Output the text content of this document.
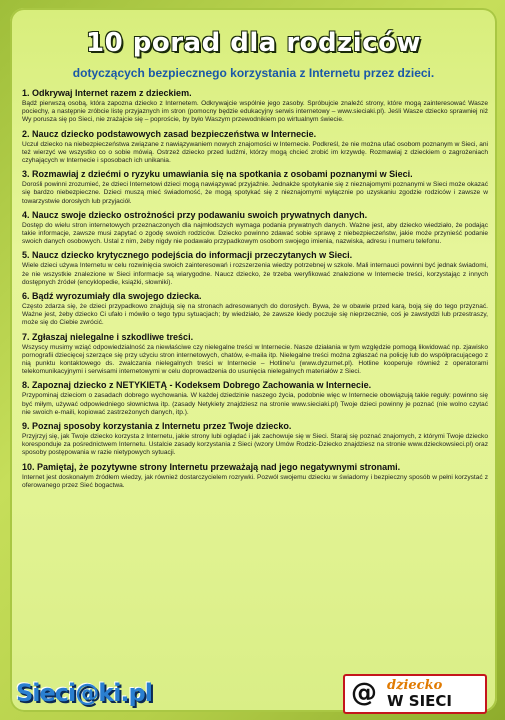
10 porad dla rodziców
dotyczących bezpiecznego korzystania z Internetu przez dzieci.

1. Odkrywaj Internet razem z dzieckiem.

Bądź pierwszą osobą, która zapozna dziecko z Internetem. Odkrywajcie wspólnie jego zasoby. Spróbujcie znaleźć strony, które mogą zainteresować Wasze pociechy, a następnie zróbcie listę przyjaznych im stron (pomocny będzie edukacyjny serwis internetowy – www.sieciaki.pl). Jeśli Wasze dziecko sprawniej niż Wy porusza się po Sieci, nie zrażajcie się – poproście, by było Waszym przewodnikiem po wirtualnym świecie.

2. Naucz dziecko podstawowych zasad bezpieczeństwa w Internecie.

Uczul dziecko na niebezpieczeństwa związane z nawiązywaniem nowych znajomości w Internecie. Podkreśl, że nie można ufać osobom poznanym w Sieci, ani też wierzyć we wszystko co o sobie mówią. Ostrzeż dziecko przed ludźmi, którzy mogą chcieć zrobić im krzywdę. Rozmawiaj z dzieckiem o zagrożeniach czyhających w Internecie i sposobach ich unikania.

3. Rozmawiaj z dziećmi o ryzyku umawiania się na spotkania z osobami poznanymi w Sieci.

Dorośli powinni zrozumieć, że dzieci Internetowi dzieci mogą nawiązywać przyjaźnie. Jednakże spotykanie się z nieznajomymi poznanymi w Sieci może okazać się bardzo niebezpieczne. Dzieci muszą mieć świadomość, że mogą spotykać się z nieznajomymi wyłącznie po uzyskaniu zgodzie rodziców i zawsze w towarzystwie dorosłych lub przyjaciół.

4. Naucz swoje dziecko ostrożności przy podawaniu swoich prywatnych danych.

Dostęp do wielu stron internetowych przeznaczonych dla najmłodszych wymaga podania prywatnych danych. Ważne jest, aby dziecko wiedziało, że podając takie informacje, zawsze musi zapytać o zgodę swoich rodziców. Dziecko powinno zdawać sobie sprawę z niebezpieczeństw, jakie może przynieść podanie swoich danych osobowych. Ustal z nim, żeby nigdy nie podawało przypadkowym osobom swojego imienia, nazwiska, adresu i numeru telefonu.

5. Naucz dziecko krytycznego podejścia do informacji przeczytanych w Sieci.

Wiele dzieci używa Internetu w celu rozwinięcia swoich zainteresowań i rozszerzenia wiedzy potrzebnej w szkole. Mali internauci powinni być jednak świadomi, że nie wszystkie znalezione w Sieci informacje są wiarygodne. Naucz dziecko, że trzeba weryfikować znalezione w Internecie treści, korzystając z innych dostępnych źródeł (encyklopedie, książki, słowniki).

6. Bądź wyrozumiały dla swojego dziecka.

Często zdarza się, że dzieci przypadkowo znajdują się na stronach adresowanych do dorosłych. Bywa, że w obawie przed karą, boją się do tego przyznać. Ważne jest, żeby dziecko Ci ufało i mówiło o tego typu sytuacjach; by wiedziało, że zawsze kiedy poczuje się nieprzecznie, coś je zawstydzi lub przestraszy, może się do Ciebie zwrócić.

7. Zgłaszaj nielegalne i szkodliwe treści.

Wszyscy musimy wziąć odpowiedzialność za niewłaściwe czy nielegalne treści w Internecie. Nasze działania w tym względzie pomogą likwidować np. zjawisko pornografii dziecięcej szerzące się przy użyciu stron internetowych, chatów, e-maila itp. Nielegalne treści można zgłaszać na policję lub do współpracującego z nią punktu kontaktowego ds. zwalczania nielegalnych treści w Internecie – Hotline'u (www.dyzurnet.pl). Hotline kooperuje również z operatorami telekomunikacyjnymi i serwisami internetowymi w celu doprowadzenia do usunięcia nielegalnych materiałów z Sieci.

8. Zapoznaj dziecko z NETYKIETĄ - Kodeksem Dobrego Zachowania w Internecie.

Przypominaj dzieciom o zasadach dobrego wychowania. W każdej dziedzinie naszego życia, podobnie więc w Internecie obowiązują takie reguły: powinno się być miłym, używać odpowiedniego słownictwa itp. (zasady Netykiety znajdziesz na stronie www.sieciaki.pl) Twoje dzieci powinny je poznać (nie wolno czytać nie swoich e-maili, kopiować zastrzeżonych danych, itp.).

9. Poznaj sposoby korzystania z Internetu przez Twoje dziecko.

Przyjrzyj się, jak Twoje dziecko korzysta z Internetu, jakie strony lubi oglądać i jak zachowuje się w Sieci. Staraj się poznać znajomych, z którymi Twoje dziecko koresponduje za pośrednictwem Internetu. Ustalcie zasady korzystania z Sieci (wzory Umów Rodzic-Dziecko znajdziesz na stronie www.dzieckowsieci.pl) oraz sposoby postępowania w razie nietypowych sytuacji.

10. Pamiętaj, że pozytywne strony Internetu przeważają nad jego negatywnymi stronami.

Internet jest doskonałym źródłem wiedzy, jak również dostarczycielem rozrywki. Pozwól swojemu dziecku w świadomy i bezpieczny sposób w pełni korzystać z oferowanego przez Sieć bogactwa.

Sieci@ki.pl	@ dziecko
W SIECI
